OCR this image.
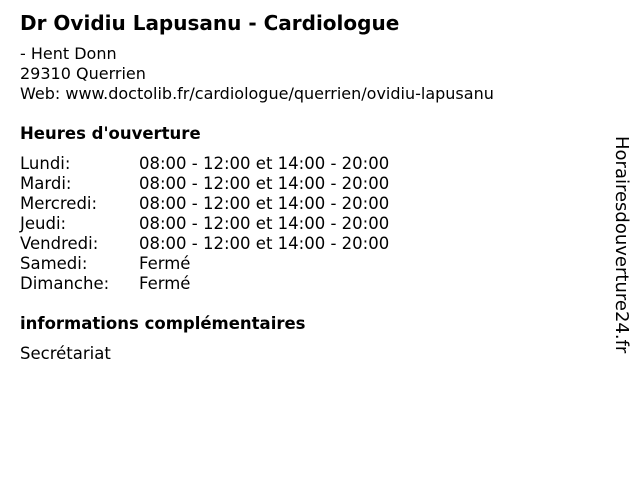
Dr Ovidiu Lapusanu - Cardiologue
- Hent Donn
29310 Querrien
Web: www.doctolib.fr/cardiologue/querrien/ovidiu-lapusanu
Heures d'ouverture
Lundi:	08:00 - 12:00 et 14:00 - 20:00
Mardi:	08:00 - 12:00 et 14:00 - 20:00
Mercredi:	08:00 - 12:00 et 14:00 - 20:00
Jeudi:	08:00 - 12:00 et 14:00 - 20:00
Vendredi: 08:00 - 12:00 et 14:00 - 20:00
Samedi:	Fermé
Dimanche: Fermé
informations complémentaires
Secrétariat
Horairesdouverture24.fr
